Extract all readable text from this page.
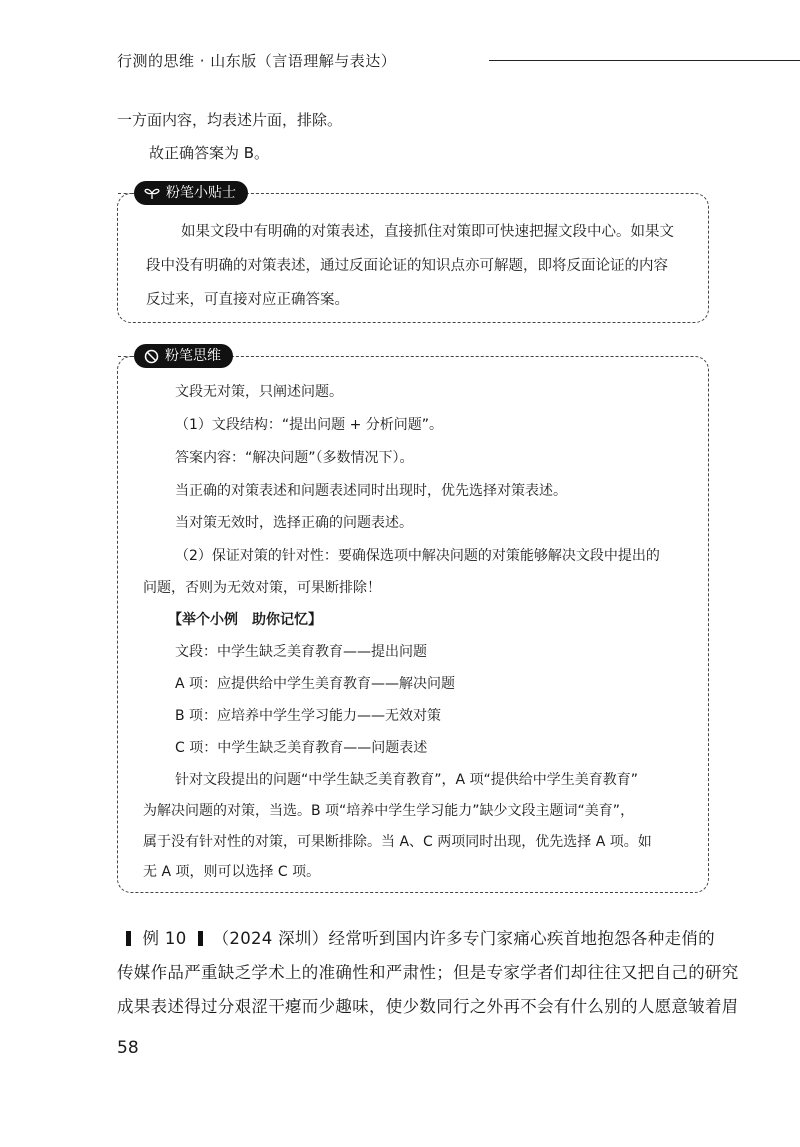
行测的思维 · 山东版（言语理解与表达）
一方面内容，均表述片面，排除。
故正确答案为 B。
粉笔小贴士
如果文段中有明确的对策表述，直接抓住对策即可快速把握文段中心。如果文
段中没有明确的对策表述，通过反面论证的知识点亦可解题，即将反面论证的内容
反过来，可直接对应正确答案。
粉笔思维
文段无对策，只阐述问题。
（1）文段结构：“提出问题 + 分析问题”。
答案内容：“解决问题”（多数情况下）。
当正确的对策表述和问题表述同时出现时，优先选择对策表述。
当对策无效时，选择正确的问题表述。
（2）保证对策的针对性：要确保选项中解决问题的对策能够解决文段中提出的
问题，否则为无效对策，可果断排除！
【举个小例　助你记忆】
文段：中学生缺乏美育教育——提出问题
A 项：应提供给中学生美育教育——解决问题
B 项：应培养中学生学习能力——无效对策
C 项：中学生缺乏美育教育——问题表述
针对文段提出的问题“中学生缺乏美育教育”，A 项“提供给中学生美育教育”
为解决问题的对策，当选。B 项“培养中学生学习能力”缺少文段主题词“美育”，
属于没有针对性的对策，可果断排除。当 A、C 两项同时出现，优先选择 A 项。如
无 A 项，则可以选择 C 项。
例 10 （2024 深圳）经常听到国内许多专门家痛心疾首地抱怨各种走俏的
传媒作品严重缺乏学术上的准确性和严肃性；但是专家学者们却往往又把自己的研究
成果表述得过分艰涩干瘪而少趣味，使少数同行之外再不会有什么别的人愿意皱着眉
58
